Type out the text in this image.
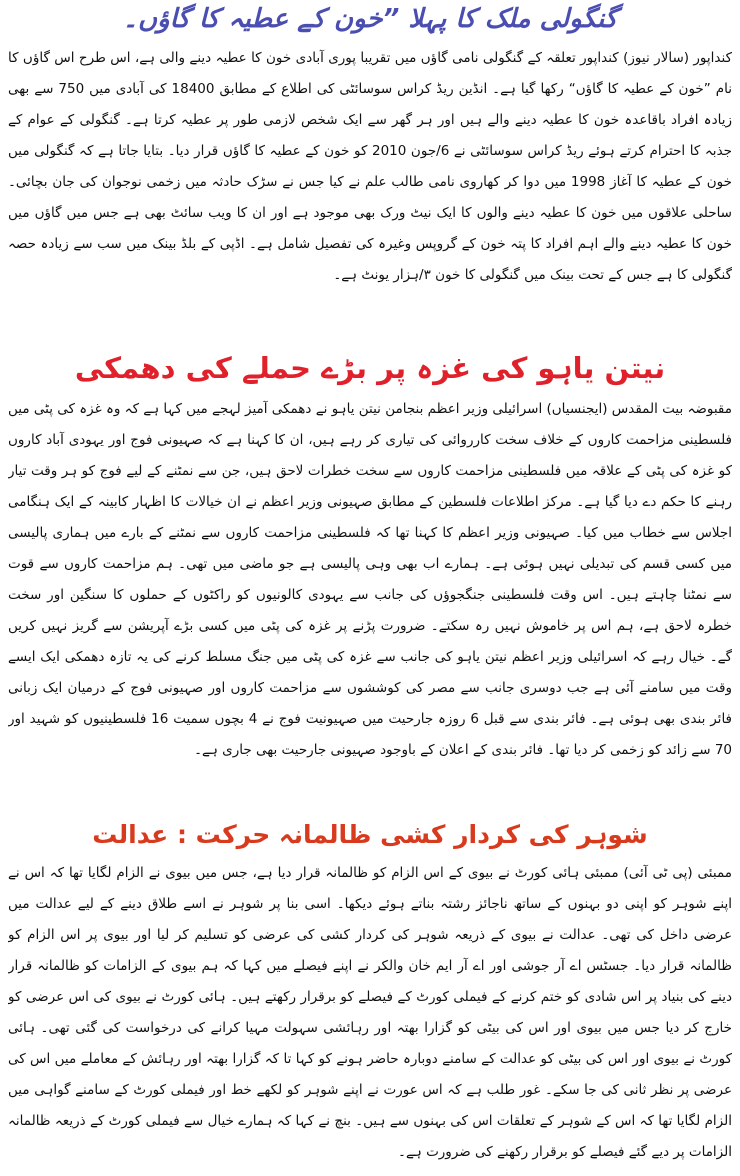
گنگولی ملک کا پہلا ”خون کے عطیہ کا گاؤں۔

کنداپور (سالار نیوز) کنداپور تعلقہ کے گنگولی نامی گاؤں میں تقریبا پوری آبادی خون کا عطیہ دینے والی ہے، اس طرح اس گاؤں کا نام ”خون کے عطیہ کا گاؤں“ رکھا گیا ہے۔ انڈین ریڈ کراس سوسائٹی کی اطلاع کے مطابق 18400 کی آبادی میں 750 سے بھی زیادہ افراد باقاعدہ خون کا عطیہ دینے والے ہیں اور ہر گھر سے ایک شخص لازمی طور پر عطیہ کرتا ہے۔ گنگولی کے عوام کے جذبہ کا احترام کرتے ہوئے ریڈ کراس سوسائٹی نے 6/جون 2010 کو خون کے عطیہ کا گاؤں قرار دیا۔ بتایا جاتا ہے کہ گنگولی میں خون کے عطیہ کا آغاز 1998 میں دوا کر کھاروی نامی طالب علم نے کیا جس نے سڑک حادثہ میں زخمی نوجوان کی جان بچائی۔ ساحلی علاقوں میں خون کا عطیہ دینے والوں کا ایک نیٹ ورک بھی موجود ہے اور ان کا ویب سائٹ بھی ہے جس میں گاؤں میں خون کا عطیہ دینے والے اہم افراد کا پتہ خون کے گروپس وغیرہ کی تفصیل شامل ہے۔ اڈپی کے بلڈ بینک میں سب سے زیادہ حصہ گنگولی کا ہے جس کے تحت بینک میں گنگولی کا خون ۳/ہزار یونٹ ہے۔

نیتن یاہو کی غزہ پر بڑے حملے کی دھمکی

مقبوضہ بیت المقدس (ایجنسیاں) اسرائیلی وزیر اعظم بنجامن نیتن یاہو نے دھمکی آمیز لہجے میں کہا ہے کہ وہ غزہ کی پٹی میں فلسطینی مزاحمت کاروں کے خلاف سخت کارروائی کی تیاری کر رہے ہیں، ان کا کہنا ہے کہ صہیونی فوج اور یہودی آباد کاروں کو غزہ کی پٹی کے علاقہ میں فلسطینی مزاحمت کاروں سے سخت خطرات لاحق ہیں، جن سے نمٹنے کے لیے فوج کو ہر وقت تیار رہنے کا حکم دے دیا گیا ہے۔ مرکز اطلاعات فلسطین کے مطابق صہیونی وزیر اعظم نے ان خیالات کا اظہار کابینہ کے ایک ہنگامی اجلاس سے خطاب میں کیا۔ صہیونی وزیر اعظم کا کہنا تھا کہ فلسطینی مزاحمت کاروں سے نمٹنے کے بارے میں ہماری پالیسی میں کسی قسم کی تبدیلی نہیں ہوئی ہے۔ ہمارے اب بھی وہی پالیسی ہے جو ماضی میں تھی۔ ہم مزاحمت کاروں سے قوت سے نمٹنا چاہتے ہیں۔ اس وقت فلسطینی جنگجوؤں کی جانب سے یہودی کالونیوں کو راکٹوں کے حملوں کا سنگین اور سخت خطرہ لاحق ہے، ہم اس پر خاموش نہیں رہ سکتے۔ ضرورت پڑنے پر غزہ کی پٹی میں کسی بڑے آپریشن سے گریز نہیں کریں گے۔ خیال رہے کہ اسرائیلی وزیر اعظم نیتن یاہو کی جانب سے غزہ کی پٹی میں جنگ مسلط کرنے کی یہ تازہ دھمکی ایک ایسے وقت میں سامنے آئی ہے جب دوسری جانب سے مصر کی کوششوں سے مزاحمت کاروں اور صہیونی فوج کے درمیان ایک زبانی فائر بندی بھی ہوئی ہے۔ فائر بندی سے قبل 6 روزہ جارحیت میں صہیونیت فوج نے 4 بچوں سمیت 16 فلسطینیوں کو شہید اور 70 سے زائد کو زخمی کر دیا تھا۔ فائر بندی کے اعلان کے باوجود صہیونی جارحیت بھی جاری ہے۔

شوہر کی کردار کشی ظالمانہ حرکت : عدالت

ممبئی (پی ٹی آئی) ممبئی ہائی کورٹ نے بیوی کے اس الزام کو ظالمانہ قرار دیا ہے، جس میں بیوی نے الزام لگایا تھا کہ اس نے اپنے شوہر کو اپنی دو بہنوں کے ساتھ ناجائز رشتہ بناتے ہوئے دیکھا۔ اسی بنا پر شوہر نے اسے طلاق دینے کے لیے عدالت میں عرضی داخل کی تھی۔ عدالت نے بیوی کے ذریعہ شوہر کی کردار کشی کی عرضی کو تسلیم کر لیا اور بیوی پر اس الزام کو ظالمانہ قرار دیا۔ جسٹس اے آر جوشی اور اے آر ایم خان والکر نے اپنے فیصلے میں کہا کہ ہم بیوی کے الزامات کو ظالمانہ قرار دینے کی بنیاد پر اس شادی کو ختم کرنے کے فیملی کورٹ کے فیصلے کو برقرار رکھتے ہیں۔ ہائی کورٹ نے بیوی کی اس عرضی کو خارج کر دیا جس میں بیوی اور اس کی بیٹی کو گزارا بھتہ اور رہائشی سہولت مہیا کرانے کی درخواست کی گئی تھی۔ ہائی کورٹ نے بیوی اور اس کی بیٹی کو عدالت کے سامنے دوبارہ حاضر ہونے کو کہا تا کہ گزارا بھتہ اور رہائش کے معاملے میں اس کی عرضی پر نظر ثانی کی جا سکے۔ غور طلب ہے کہ اس عورت نے اپنے شوہر کو لکھے خط اور فیملی کورٹ کے سامنے گواہی میں الزام لگایا تھا کہ اس کے شوہر کے تعلقات اس کی بہنوں سے ہیں۔ بنچ نے کہا کہ ہمارے خیال سے فیملی کورٹ کے ذریعہ ظالمانہ الزامات پر دیے گئے فیصلے کو برقرار رکھنے کی ضرورت ہے۔
